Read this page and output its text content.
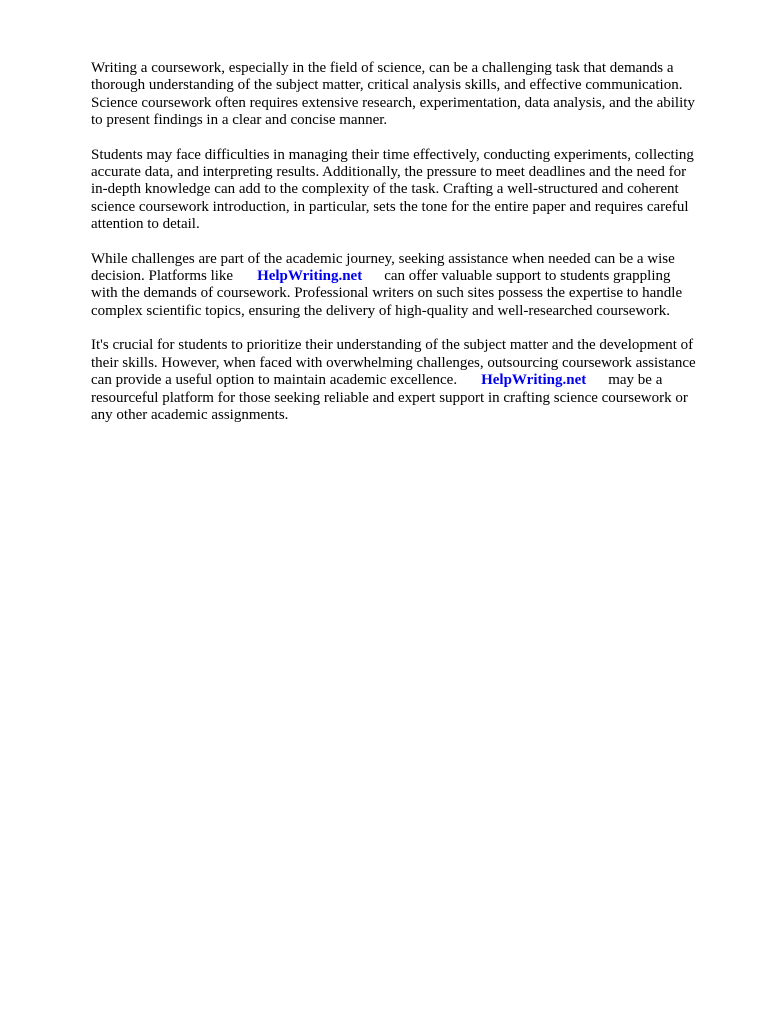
Writing a coursework, especially in the field of science, can be a challenging task that demands a
thorough understanding of the subject matter, critical analysis skills, and effective communication.
Science coursework often requires extensive research, experimentation, data analysis, and the ability
to present findings in a clear and concise manner.

Students may face difficulties in managing their time effectively, conducting experiments, collecting
accurate data, and interpreting results. Additionally, the pressure to meet deadlines and the need for
in-depth knowledge can add to the complexity of the task. Crafting a well-structured and coherent
science coursework introduction, in particular, sets the tone for the entire paper and requires careful
attention to detail.

While challenges are part of the academic journey, seeking assistance when needed can be a wise
decision. Platforms like HelpWriting.net can offer valuable support to students grappling
with the demands of coursework. Professional writers on such sites possess the expertise to handle
complex scientific topics, ensuring the delivery of high-quality and well-researched coursework.

It's crucial for students to prioritize their understanding of the subject matter and the development of
their skills. However, when faced with overwhelming challenges, outsourcing coursework assistance
can provide a useful option to maintain academic excellence. HelpWriting.net may be a
resourceful platform for those seeking reliable and expert support in crafting science coursework or
any other academic assignments.
